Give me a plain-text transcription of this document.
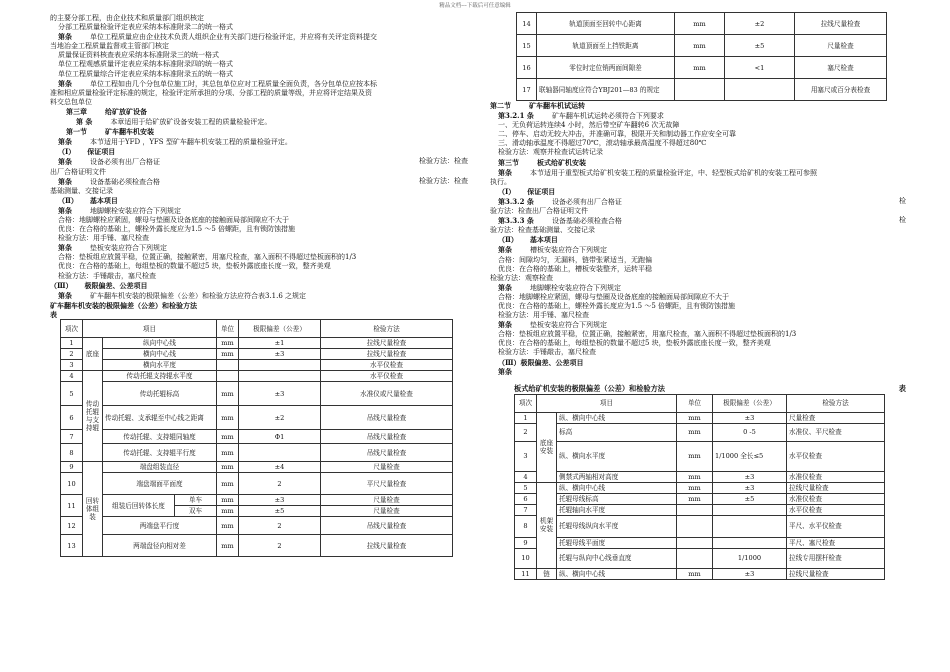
精品文档---下载后可任意编辑
的主要分部工程，由企业技术和质量部门组织核定
分部工程质量检验评定表应采纳本标准附录二的统一格式
第条	单位工程质量应由企业技术负责人组织企业有关部门进行检验评定，并应将有关评定资料提交
当地冶金工程质量监督或主管部门核定
质量保证资料核查表应采纳本标准附录三的统一格式
单位工程观感质量评定表应采纳本标准附录四的统一格式
单位工程质量综合评定表应采纳本标准附录五的统一格式
第条	单位工程如由几个分包单位施工时，其总包单位应对工程质量全面负责，各分包单位应按本标
准和相应质量检验评定标准的规定，检验评定所承担的分项、分部工程的质量等级，并应将评定结果及资
料交总包单位
第三章	给矿放矿设备
第 条	本章适用于给矿放矿设备安装工程的质量检验评定。
第一节	矿车翻车机安装
第条	本节适用于YFD ，YFS 型矿车翻车机安装工程的质量检验评定。
（Ⅰ） 保证项目
第条	设备必须有出厂合格证	检验方法：检查
出厂合格证明文件
第条	设备基础必须检查合格	检验方法：检查
基础测量、交接记录
（Ⅱ） 基本项目
第条	地脚螺栓安装应符合下列规定
合格：地脚螺栓应紧固，螺母与垫圈及设备底座的接触面局部间隙应不大于
优良：在合格的基础上，螺栓外露长度应为1.5 ～5 倍螺距，且有锁防蚀措施
检验方法：用手锤、塞尺检查
第条	垫板安装应符合下列规定
合格：垫板组应放置平稳，位置正确，接触紧密，用塞尺检查，塞入面积不得超过垫板面积的1/3
优良：在合格的基础上，每组垫板的数量不超过5 块，垫板外露底座长度一致，整齐美观
检验方法：手锤敲击，塞尺检查
（Ⅲ） 极限偏差、公差项目
第条	矿车翻车机安装的极限偏差（公差）和检验方法应符合表3.1.6 之规定
矿车翻车机安装的极限偏差（公差）和检验方法
表
项次	项目			单位	极限偏差（公差）	检验方法
1	底座	纵向中心线		mm	±1	拉线尺量检查
2		横向中心线		mm	±3	拉线尺量检查
3		横向水平度				水平仪检查
4	传动托辊与支持辊	传动托辊支持辊水平度				水平仪检查
5		传动托辊标高		mm	±3	水准仪或尺量检查
6		传动托辊、支承辊至中心线之距离		mm	±2	吊线尺量检查
7		传动托辊、支持辊同轴度		mm	Φ1	吊线尺量检查
8		传动托辊、支持辊平行度		mm		吊线尺量检查
9	回转体组装	端盘组装直径		mm	±4	尺量检查
10		端盘端面平面度		mm	2	平尺尺量检查
11		组装后回转体长度	单车	mm	±3	尺量检查
			双车	mm	±5	尺量检查
12		两端盘平行度		mm	2	吊线尺量检查
13		两端盘径向相对差		mm	2	拉线尺量检查
14	轨道顶面至回转中心距离	mm	±2	拉线尺量检查
15	轨道顶面至上挡铁距离	mm	±5	尺量检查
16	零位时定位销两面间隙差	mm	<1	塞尺检查
17	联轴器同轴度应符合YBJ201—83 的规定			用塞尺或百分表检查
第二节	矿车翻车机试运转
第3.2.1 条	矿车翻车机试运转必须符合下列要求
一、无负荷运转连续4 小时，然后带空矿车翻转6 次无故障
二、停车、启动无较大冲击，并准确可靠，极限开关和制动器工作应安全可靠
三、滑动轴承温度不得超过70℃，滚动轴承最高温度不得超过80℃
检验方法：观察并检查试运转记录
第三节	板式给矿机安装
第条	本节适用于重型板式给矿机安装工程的质量检验评定，中、轻型板式给矿机的安装工程可参照
执行。
（Ⅰ） 保证项目
第3.3.2 条	设备必须有出厂合格证	检
验方法：检查出厂合格证明文件
第3.3.3 条	设备基础必须检查合格	检
验方法：检查基础测量、交接记录
（Ⅱ） 基本项目
第条	槽板安装应符合下列规定
合格：间隙均匀，无漏料，链带张紧适当，无跑偏
优良：在合格的基础上，槽板安装整齐，运转平稳
检验方法：观察检查
第条	地脚螺栓安装应符合下列规定
合格：地脚螺栓应紧固，螺母与垫圈及设备底座的接触面局部间隙应不大于
优良：在合格的基础上，螺栓外露长度应为1.5 ～5 倍螺距，且有锁防蚀措施
检验方法：用手锤、塞尺检查
第条	垫板安装应符合下列规定
合格：垫板组应放置平稳，位置正确，接触紧密，用塞尺检查，塞入面积不得超过垫板面积的1/3
优良：在合格的基础上，每组垫板的数量不超过5 块，垫板外露底座长度一致，整齐美观
检验方法：手锤敲击，塞尺检查
（Ⅲ）极限偏差、公差项目
第条
板式给矿机安装的极限偏差（公差）和检验方法	表
项次	项目		单位	极限偏差（公差）	检验方法
1	底座安装	纵、横向中心线	mm	±3	尺量检查
2		标高	mm	0 -5	水准仪、平尺检查
3		纵、横向水平度	mm	1/1000 全长≤5	水平仪检查
4		侧禁式两轴相对高度	mm	±3	水准仪检查
5	机架安装	纵、横向中心线	mm	±3	拉线尺量检查
6		托辊母线标高	mm	±5	水准仪检查
7		托辊轴向水平度			水平仪检查
8		托辊母线纵向水平度			平尺、水平仪检查
9		托辊母线平面度			平尺、塞尺检查
10		托辊与纵向中心线垂直度		1/1000	拉线专用摆杆检查
11	链	纵、横向中心线	mm	±3	拉线尺量检查
